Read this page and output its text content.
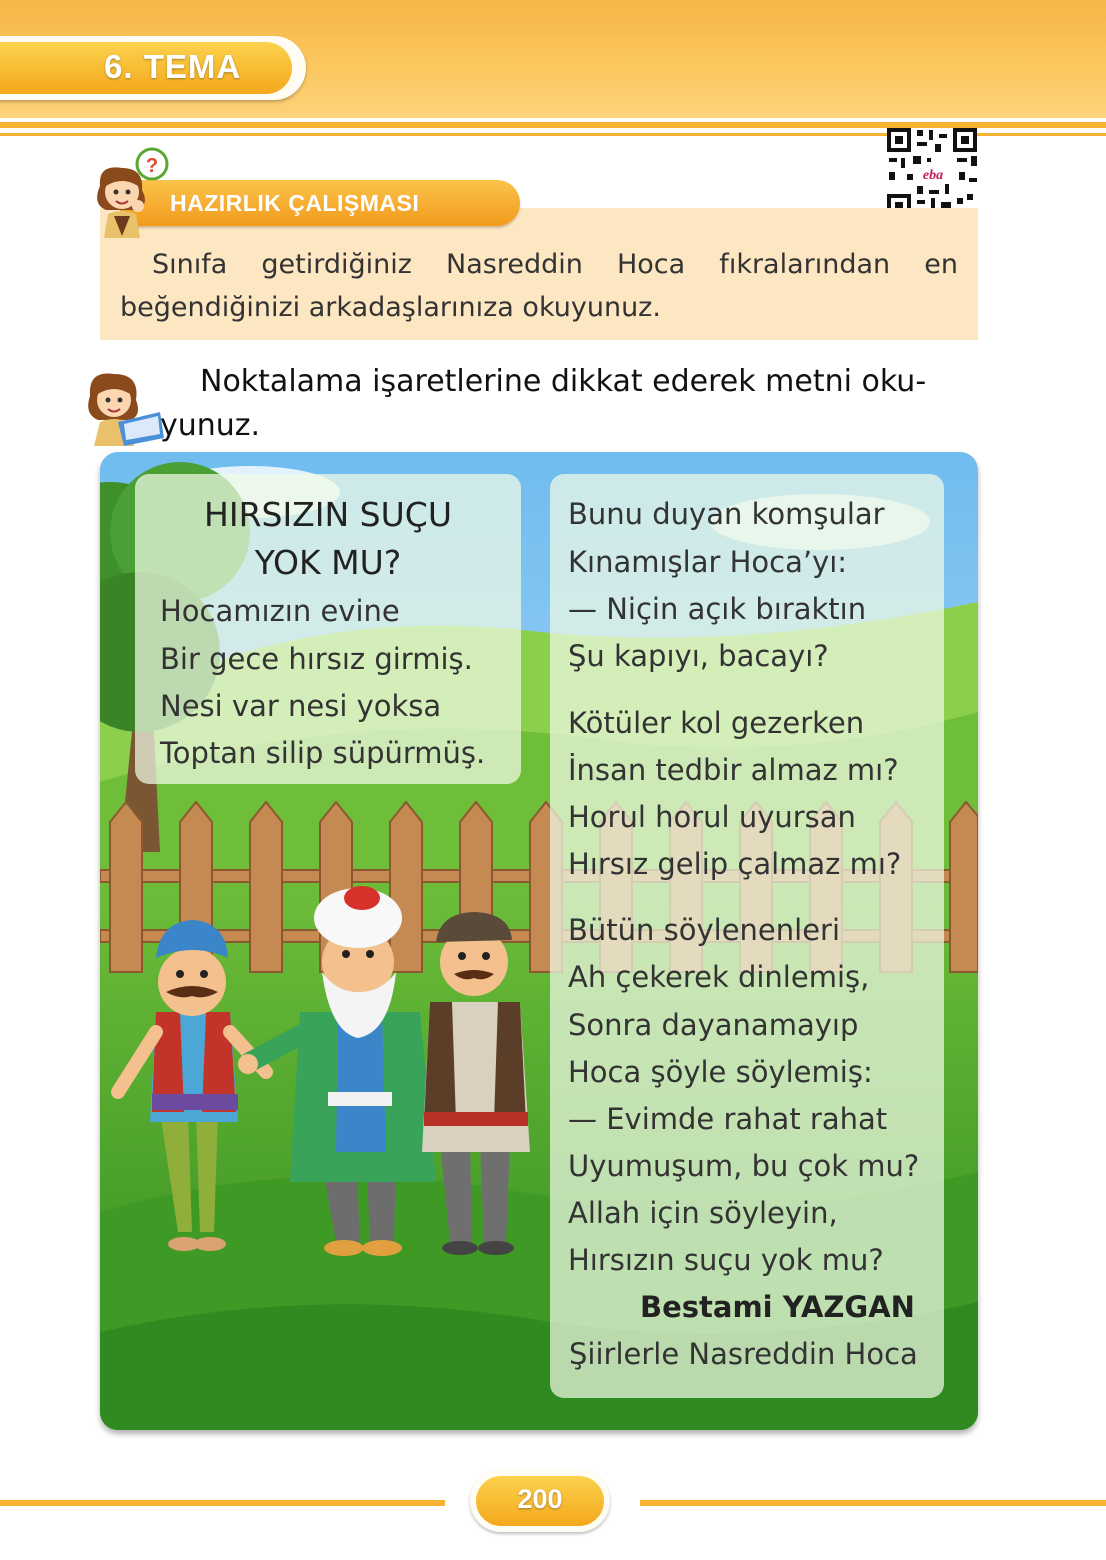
6. TEMA
eba
HAZIRLIK ÇALIŞMASI
?
Sınıfa getirdiğiniz Nasreddin Hoca fıkralarından en beğendiğinizi arkadaşlarınıza okuyunuz.
Noktalama işaretlerine dikkat ederek metni oku-yunuz.
HIRSIZIN SUÇU
YOK MU?
Hocamızın evine
Bir gece hırsız girmiş.
Nesi var nesi yoksa
Toptan silip süpürmüş.
Bunu duyan komşular
Kınamışlar Hoca’yı:
— Niçin açık bıraktın
Şu kapıyı, bacayı?
Kötüler kol gezerken
İnsan tedbir almaz mı?
Horul horul uyursan
Hırsız gelip çalmaz mı?
Bütün söylenenleri
Ah çekerek dinlemiş,
Sonra dayanamayıp
Hoca şöyle söylemiş:
— Evimde rahat rahat
Uyumuşum, bu çok mu?
Allah için söyleyin,
Hırsızın suçu yok mu?
Bestami YAZGAN
Şiirlerle Nasreddin Hoca
200
